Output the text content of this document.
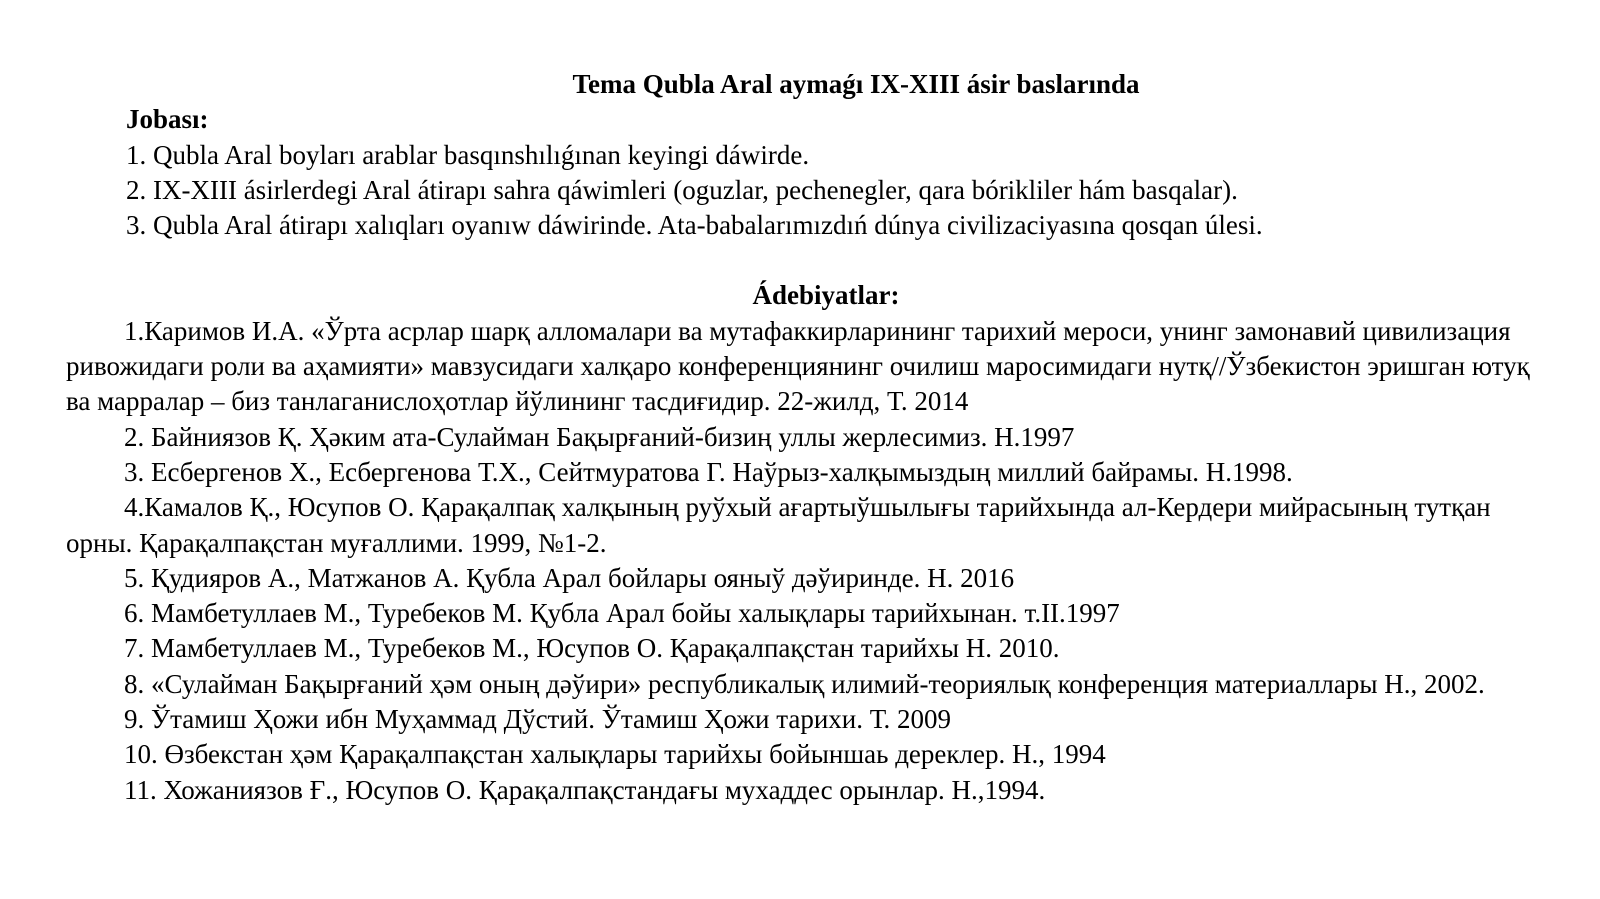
Tema Qubla Aral aymaǵı IX-XIII ásir baslarında

Jobası:

1. Qubla Aral boyları arablar basqınshılıǵınan keyingi dáwirde.

2. IX-XIII ásirlerdegi Aral átirapı sahra qáwimleri (oguzlar, pechenegler, qara bórikliler hám basqalar).

3. Qubla Aral átirapı xalıqları oyanıw dáwirinde. Ata-babalarımızdıń dúnya civilizaciyasına qosqan úlesi.

Ádebiyatlar:

1.Каримов И.А. «Ўрта асрлар шарқ алломалари ва мутафаккирларининг тарихий мероси, унинг замонавий цивилизация ривожидаги роли ва аҳамияти» мавзусидаги халқаро конференциянинг очилиш маросимидаги нутқ//Ўзбекистон эришган ютуқ ва марралар – биз танлаганислоҳотлар йўлининг тасдиғидир. 22-жилд, Т. 2014

2. Байниязов Қ. Ҳәким ата-Сулайман Бақырғаний-бизиң уллы жерлесимиз. Н.1997

3. Есбергенов Х., Есбергенова Т.Х., Сейтмуратова Г. Наўрыз-халқымыздың миллий байрамы. Н.1998.

4.Камалов Қ., Юсупов О. Қарақалпақ халқының руўхый ағартыўшылығы тарийхында ал-Кердери мийрасының тутқан орны. Қарақалпақстан муғаллими. 1999, №1-2.

5. Қудияров А., Матжанов А. Қубла Арал бойлары ояныў дәўиринде. Н. 2016

6. Мамбетуллаев М., Туребеков М. Қубла Арал бойы халықлары тарийхынан. т.II.1997

7. Мамбетуллаев М., Туребеков М., Юсупов О. Қарақалпақстан тарийхы Н. 2010.

8. «Сулайман Бақырғаний ҳәм оның дәўири» республикалық илимий-теориялық конференция материаллары Н., 2002.

9. Ўтамиш Ҳожи ибн Муҳаммад Дўстий. Ўтамиш Ҳожи тарихи. Т. 2009

10. Өзбекстан ҳәм Қарақалпақстан халықлары тарийхы бойыншаь дереклер. Н., 1994

11. Хожаниязов Ғ., Юсупов О. Қарақалпақстандағы мухаддес орынлар. Н.,1994.
